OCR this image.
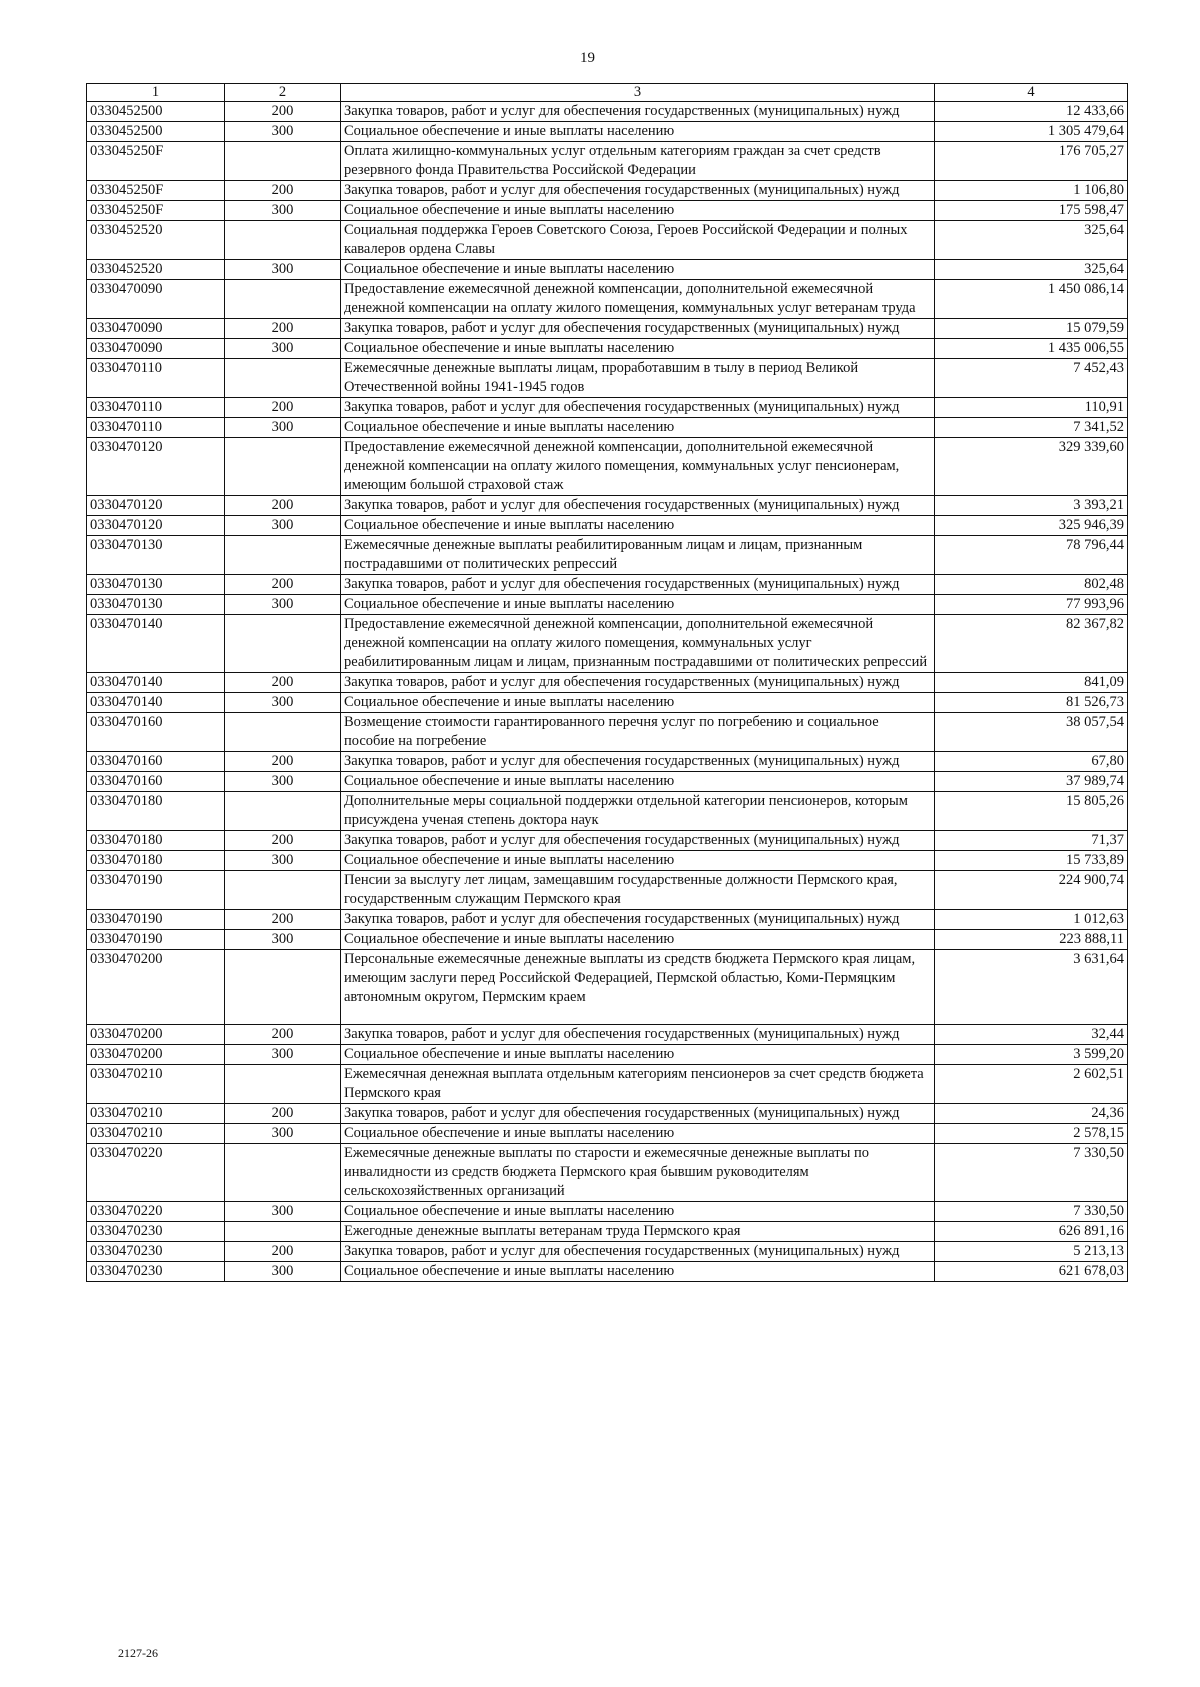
19
1	2	3	4
0330452500	200	Закупка товаров, работ и услуг для обеспечения государственных (муниципальных) нужд	12 433,66
0330452500	300	Социальное обеспечение и иные выплаты населению	1 305 479,64
033045250F		Оплата жилищно-коммунальных услуг отдельным категориям граждан за счет средств резервного фонда Правительства Российской Федерации	176 705,27
033045250F	200	Закупка товаров, работ и услуг для обеспечения государственных (муниципальных) нужд	1 106,80
033045250F	300	Социальное обеспечение и иные выплаты населению	175 598,47
0330452520		Социальная поддержка Героев Советского Союза, Героев Российской Федерации и полных кавалеров ордена Славы	325,64
0330452520	300	Социальное обеспечение и иные выплаты населению	325,64
0330470090		Предоставление ежемесячной денежной компенсации, дополнительной ежемесячной денежной компенсации на оплату жилого помещения, коммунальных услуг ветеранам труда	1 450 086,14
0330470090	200	Закупка товаров, работ и услуг для обеспечения государственных (муниципальных) нужд	15 079,59
0330470090	300	Социальное обеспечение и иные выплаты населению	1 435 006,55
0330470110		Ежемесячные денежные выплаты лицам, проработавшим в тылу в период Великой Отечественной войны 1941-1945 годов	7 452,43
0330470110	200	Закупка товаров, работ и услуг для обеспечения государственных (муниципальных) нужд	110,91
0330470110	300	Социальное обеспечение и иные выплаты населению	7 341,52
0330470120		Предоставление ежемесячной денежной компенсации, дополнительной ежемесячной денежной компенсации на оплату жилого помещения, коммунальных услуг пенсионерам, имеющим большой страховой стаж	329 339,60
0330470120	200	Закупка товаров, работ и услуг для обеспечения государственных (муниципальных) нужд	3 393,21
0330470120	300	Социальное обеспечение и иные выплаты населению	325 946,39
0330470130		Ежемесячные денежные выплаты реабилитированным лицам и лицам, признанным пострадавшими от политических репрессий	78 796,44
0330470130	200	Закупка товаров, работ и услуг для обеспечения государственных (муниципальных) нужд	802,48
0330470130	300	Социальное обеспечение и иные выплаты населению	77 993,96
0330470140		Предоставление ежемесячной денежной компенсации, дополнительной ежемесячной денежной компенсации на оплату жилого помещения, коммунальных услуг реабилитированным лицам и лицам, признанным пострадавшими от политических репрессий	82 367,82
0330470140	200	Закупка товаров, работ и услуг для обеспечения государственных (муниципальных) нужд	841,09
0330470140	300	Социальное обеспечение и иные выплаты населению	81 526,73
0330470160		Возмещение стоимости гарантированного перечня услуг по погребению и социальное пособие на погребение	38 057,54
0330470160	200	Закупка товаров, работ и услуг для обеспечения государственных (муниципальных) нужд	67,80
0330470160	300	Социальное обеспечение и иные выплаты населению	37 989,74
0330470180		Дополнительные меры социальной поддержки отдельной категории пенсионеров, которым присуждена ученая степень доктора наук	15 805,26
0330470180	200	Закупка товаров, работ и услуг для обеспечения государственных (муниципальных) нужд	71,37
0330470180	300	Социальное обеспечение и иные выплаты населению	15 733,89
0330470190		Пенсии за выслугу лет лицам, замещавшим государственные должности Пермского края, государственным служащим Пермского края	224 900,74
0330470190	200	Закупка товаров, работ и услуг для обеспечения государственных (муниципальных) нужд	1 012,63
0330470190	300	Социальное обеспечение и иные выплаты населению	223 888,11
0330470200		Персональные ежемесячные денежные выплаты из средств бюджета Пермского края лицам, имеющим заслуги перед Российской Федерацией, Пермской областью, Коми-Пермяцким автономным округом, Пермским краем	3 631,64
0330470200	200	Закупка товаров, работ и услуг для обеспечения государственных (муниципальных) нужд	32,44
0330470200	300	Социальное обеспечение и иные выплаты населению	3 599,20
0330470210		Ежемесячная денежная выплата отдельным категориям пенсионеров за счет средств бюджета Пермского края	2 602,51
0330470210	200	Закупка товаров, работ и услуг для обеспечения государственных (муниципальных) нужд	24,36
0330470210	300	Социальное обеспечение и иные выплаты населению	2 578,15
0330470220		Ежемесячные денежные выплаты по старости и ежемесячные денежные выплаты по инвалидности из средств бюджета Пермского края бывшим руководителям сельскохозяйственных организаций	7 330,50
0330470220	300	Социальное обеспечение и иные выплаты населению	7 330,50
0330470230		Ежегодные денежные выплаты ветеранам труда Пермского края	626 891,16
0330470230	200	Закупка товаров, работ и услуг для обеспечения государственных (муниципальных) нужд	5 213,13
0330470230	300	Социальное обеспечение и иные выплаты населению	621 678,03
2127-26
